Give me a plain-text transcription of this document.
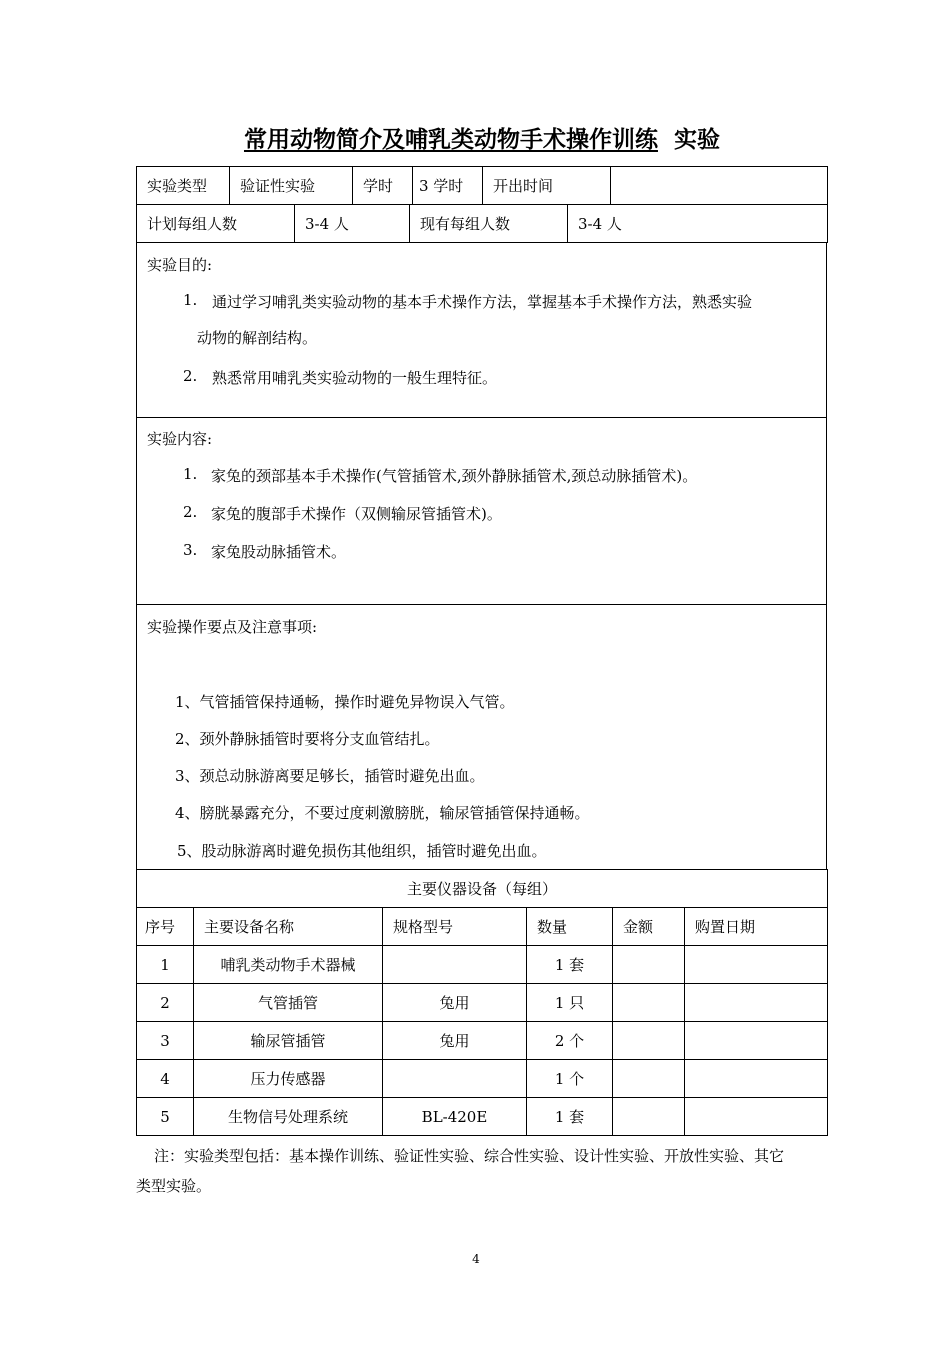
常用动物简介及哺乳类动物手术操作训练 实验
实验类型	验证性实验	学时	3 学时	开出时间	
计划每组人数	3-4 人	现有每组人数	3-4 人	
实验目的:
1. 通过学习哺乳类实验动物的基本手术操作方法，掌握基本手术操作方法，熟悉实验
动物的解剖结构。
2. 熟悉常用哺乳类实验动物的一般生理特征。
实验内容:
1. 家兔的颈部基本手术操作(气管插管术,颈外静脉插管术,颈总动脉插管术)。
2. 家兔的腹部手术操作（双侧输尿管插管术)。
3. 家兔股动脉插管术。
实验操作要点及注意事项:
1、气管插管保持通畅，操作时避免异物误入气管。
2、颈外静脉插管时要将分支血管结扎。
3、颈总动脉游离要足够长，插管时避免出血。
4、膀胱暴露充分，不要过度刺激膀胱，输尿管插管保持通畅。
5、股动脉游离时避免损伤其他组织，插管时避免出血。
主要仪器设备（每组）					
序号	主要设备名称	规格型号	数量	金额	购置日期
1	哺乳类动物手术器械		1 套		
2	气管插管	兔用	1 只		
3	输尿管插管	兔用	2 个		
4	压力传感器		1 个		
5	生物信号处理系统	BL-420E	1 套		
注：实验类型包括：基本操作训练、验证性实验、综合性实验、设计性实验、开放性实验、其它
类型实验。
4
